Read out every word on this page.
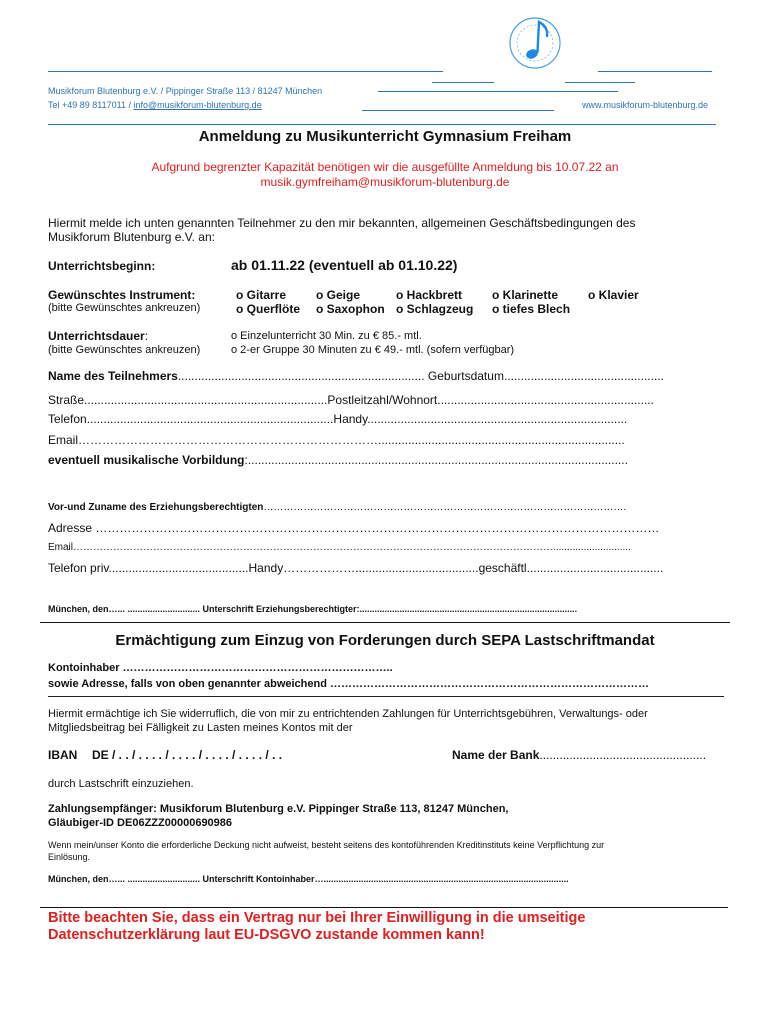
Musikforum Blutenburg e.V. / Pippinger Straße 113 / 81247 München
Tel +49 89 8117011 / info@musikforum-blutenburg.de	www.musikforum-blutenburg.de
Anmeldung zu Musikunterricht Gymnasium Freiham
Aufgrund begrenzter Kapazität benötigen wir die ausgefüllte Anmeldung bis 10.07.22 an
musik.gymfreiham@musikforum-blutenburg.de
Hiermit melde ich unten genannten Teilnehmer zu den mir bekannten, allgemeinen Geschäftsbedingungen des
Musikforum Blutenburg e.V. an:
Unterrichtsbeginn:	ab 01.11.22 (eventuell ab 01.10.22)
Gewünschtes Instrument:
(bitte Gewünschtes ankreuzen)
o Gitarre o Geige	o Hackbrett o Klarinette o Klavier
o Querflöte o Saxophon o Schlagzeug o tiefes Blech
Unterrichtsdauer:
(bitte Gewünschtes ankreuzen)
o Einzelunterricht 30 Min. zu € 85.- mtl.
o 2-er Gruppe 30 Minuten zu € 49.- mtl. (sofern verfügbar)
Name des Teilnehmers.......................................................................... Geburtsdatum................................................
Straße.........................................................................Postleitzahl/Wohnort.................................................................
Telefon..........................................................................Handy..............................................................................
Email…………………………………………………………………..........................................................................
eventuell musikalische Vorbildung:..................................................................................................................
Vor-und Zuname des Erziehungsberechtigten……………………………………………………………………………………………….
Adresse ……………………………………………………………………………………………………………………………
Email………………………………………………………………………………………………………………………………............................
Telefon priv..........................................Handy……………….....................................geschäftl.........................................
München, den…... ............................. Unterschrift Erziehungsberechtigter:.......................................................................................
Ermächtigung zum Einzug von Forderungen durch SEPA Lastschriftmandat
Kontoinhaber ………………………………………………………………..
sowie Adresse, falls von oben genannter abweichend ……………………………………………………………………………
Hiermit ermächtige ich Sie widerruflich, die von mir zu entrichtenden Zahlungen für Unterrichtsgebühren, Verwaltungs- oder
Mitgliedsbeitrag bei Fälligkeit zu Lasten meines Kontos mit der
IBAN DE / . . / . . . . / . . . . / . . . . / . . . . / . .	Name der Bank..................................................
durch Lastschrift einzuziehen.
Zahlungsempfänger: Musikforum Blutenburg e.V. Pippinger Straße 113, 81247 München,
Gläubiger-ID DE06ZZZ00000690986
Wenn mein/unser Konto die erforderliche Deckung nicht aufweist, besteht seitens des kontoführenden Kreditinstituts keine Verpflichtung zur
Einlösung.
München, den…... ............................. Unterschrift Kontoinhaber…..................................................................................................
Bitte beachten Sie, dass ein Vertrag nur bei Ihrer Einwilligung in die umseitige
Datenschutzerklärung laut EU-DSGVO zustande kommen kann!
